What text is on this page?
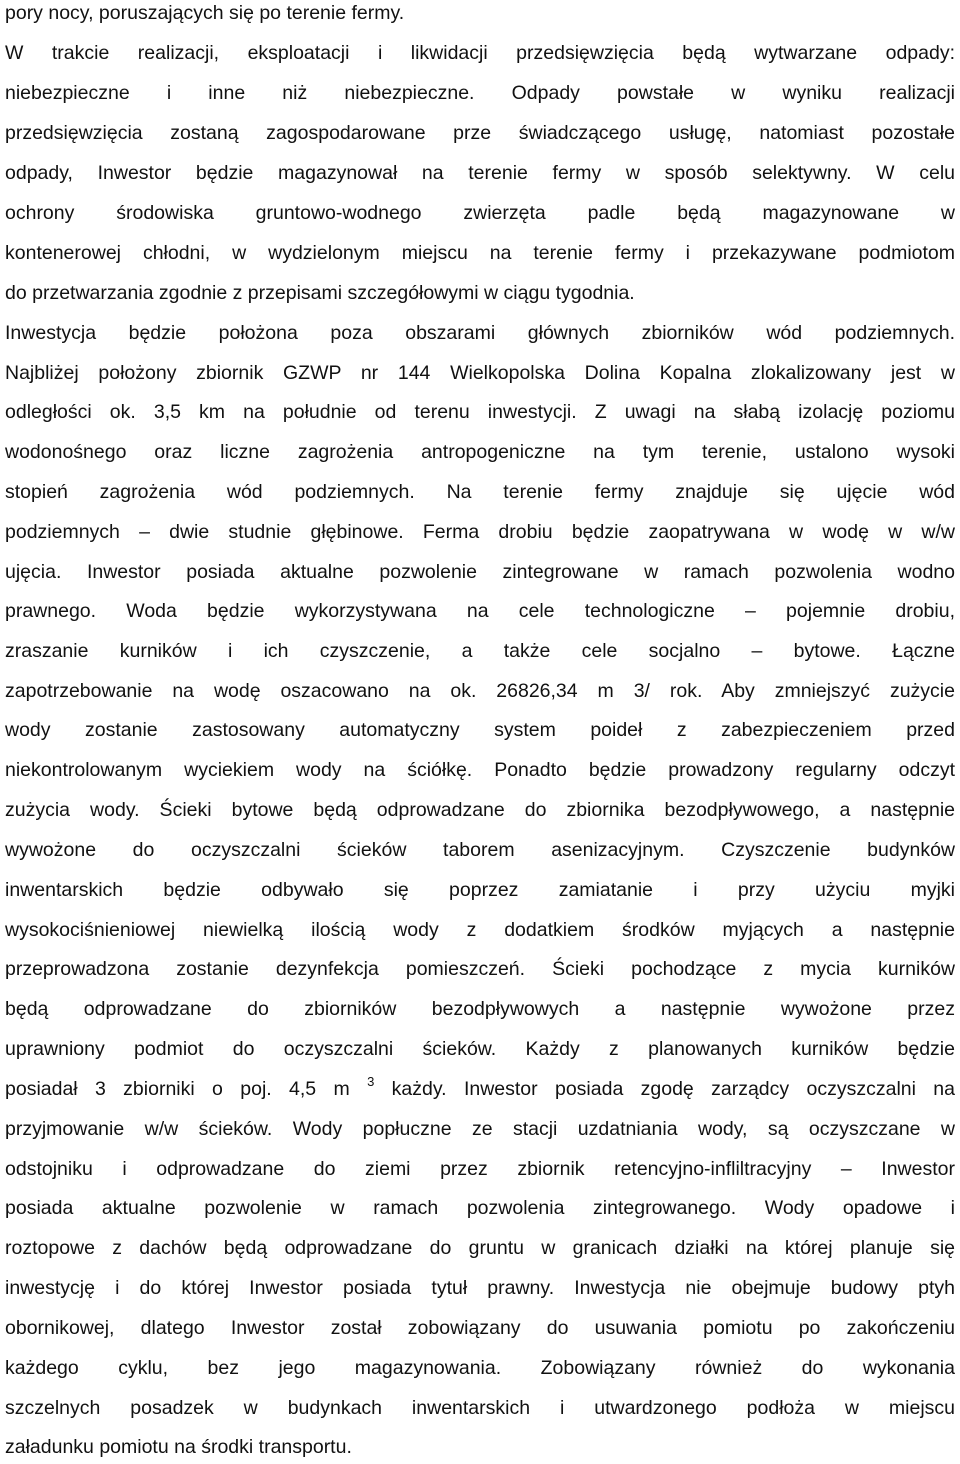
pory nocy, poruszających się po terenie fermy.
W trakcie realizacji, eksploatacji i likwidacji przedsięwzięcia będą wytwarzane odpady:
niebezpieczne i inne niż niebezpieczne. Odpady powstałe w wyniku realizacji
przedsięwzięcia zostaną zagospodarowane prze świadczącego usługę, natomiast pozostałe
odpady, Inwestor będzie magazynował na terenie fermy w sposób selektywny. W celu
ochrony środowiska gruntowo-wodnego zwierzęta padle będą magazynowane w
kontenerowej chłodni, w wydzielonym miejscu na terenie fermy i przekazywane podmiotom
do przetwarzania zgodnie z przepisami szczegółowymi w ciągu tygodnia.
Inwestycja będzie położona poza obszarami głównych zbiorników wód podziemnych.
Najbliżej położony zbiornik GZWP nr 144 Wielkopolska Dolina Kopalna zlokalizowany jest w
odległości ok. 3,5 km na południe od terenu inwestycji. Z uwagi na słabą izolację poziomu
wodonośnego oraz liczne zagrożenia antropogeniczne na tym terenie, ustalono wysoki
stopień zagrożenia wód podziemnych. Na terenie fermy znajduje się ujęcie wód
podziemnych – dwie studnie głębinowe. Ferma drobiu będzie zaopatrywana w wodę w w/w
ujęcia. Inwestor posiada aktualne pozwolenie zintegrowane w ramach pozwolenia wodno
prawnego. Woda będzie wykorzystywana na cele technologiczne – pojemnie drobiu,
zraszanie kurników i ich czyszczenie, a także cele socjalno – bytowe. Łączne
zapotrzebowanie na wodę oszacowano na ok. 26826,34 m 3/ rok. Aby zmniejszyć zużycie
wody zostanie zastosowany automatyczny system poideł z zabezpieczeniem przed
niekontrolowanym wyciekiem wody na ściółkę. Ponadto będzie prowadzony regularny odczyt
zużycia wody. Ścieki bytowe będą odprowadzane do zbiornika bezodpływowego, a następnie
wywożone do oczyszczalni ścieków taborem asenizacyjnym. Czyszczenie budynków
inwentarskich będzie odbywało się poprzez zamiatanie i przy użyciu myjki
wysokociśnieniowej niewielką ilością wody z dodatkiem środków myjących a następnie
przeprowadzona zostanie dezynfekcja pomieszczeń. Ścieki pochodzące z mycia kurników
będą odprowadzane do zbiorników bezodpływowych a następnie wywożone przez
uprawniony podmiot do oczyszczalni ścieków. Każdy z planowanych kurników będzie
posiadał 3 zbiorniki o poj. 4,5 m $^3$ każdy. Inwestor posiada zgodę zarządcy oczyszczalni na
przyjmowanie w/w ścieków. Wody popłuczne ze stacji uzdatniania wody, są oczyszczane w
odstojniku i odprowadzane do ziemi przez zbiornik retencyjno-infliltracyjny – Inwestor
posiada aktualne pozwolenie w ramach pozwolenia zintegrowanego. Wody opadowe i
roztopowe z dachów będą odprowadzane do gruntu w granicach działki na której planuje się
inwestycję i do której Inwestor posiada tytuł prawny. Inwestycja nie obejmuje budowy ptyh
obornikowej, dlatego Inwestor został zobowiązany do usuwania pomiotu po zakończeniu
każdego cyklu, bez jego magazynowania. Zobowiązany również do wykonania
szczelnych posadzek w budynkach inwentarskich i utwardzonego podłoża w miejscu
załadunku pomiotu na środki transportu.
